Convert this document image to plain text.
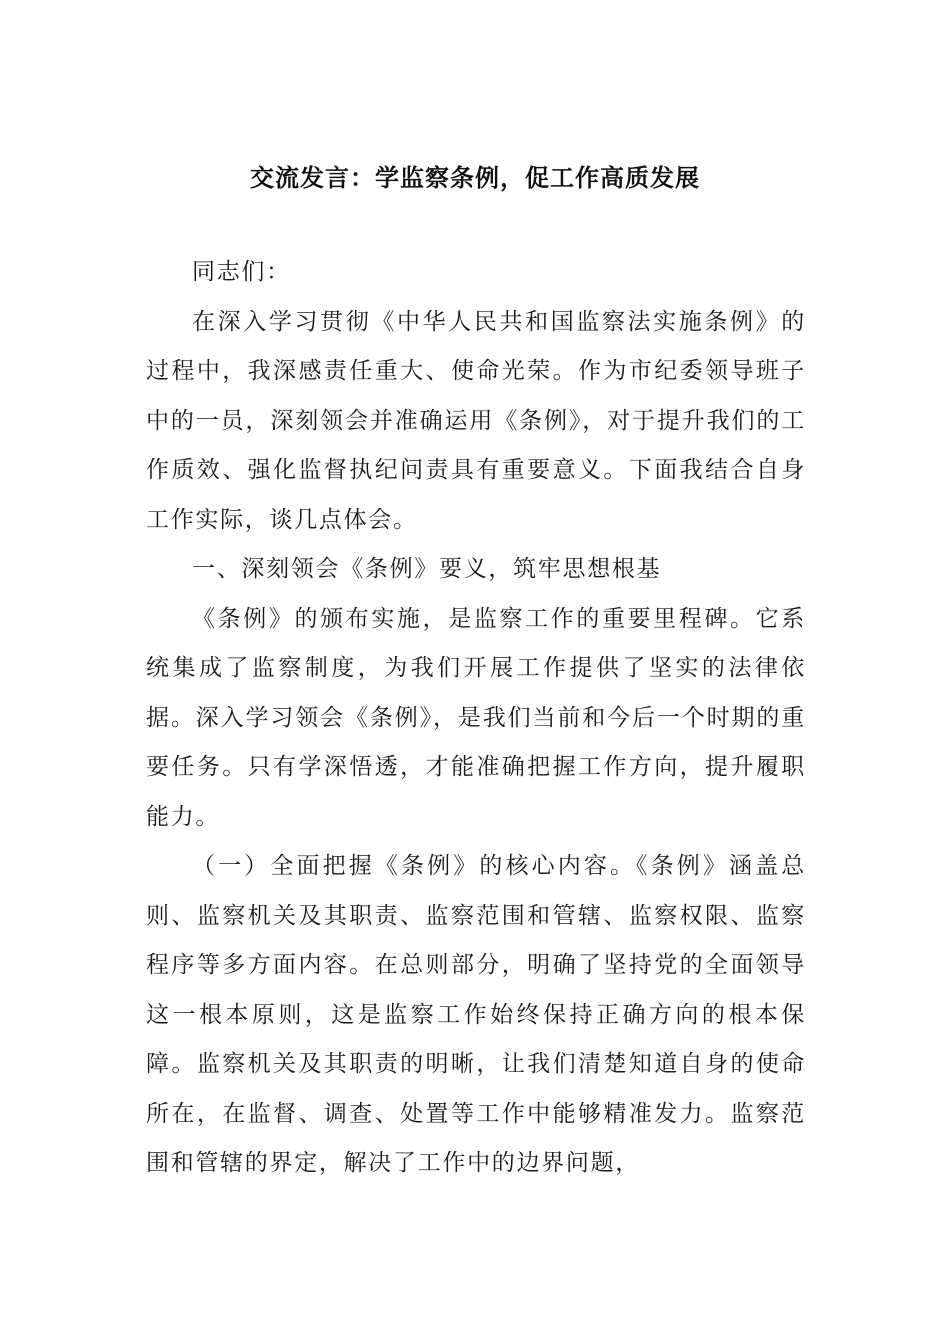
交流发言：学监察条例，促工作高质发展

同志们：

在深入学习贯彻《中华人民共和国监察法实施条例》的过程中，我深感责任重大、使命光荣。作为市纪委领导班子中的一员，深刻领会并准确运用《条例》，对于提升我们的工作质效、强化监督执纪问责具有重要意义。下面我结合自身工作实际，谈几点体会。

一、深刻领会《条例》要义，筑牢思想根基

《条例》的颁布实施，是监察工作的重要里程碑。它系统集成了监察制度，为我们开展工作提供了坚实的法律依据。深入学习领会《条例》，是我们当前和今后一个时期的重要任务。只有学深悟透，才能准确把握工作方向，提升履职能力。

（一）全面把握《条例》的核心内容。《条例》涵盖总则、监察机关及其职责、监察范围和管辖、监察权限、监察程序等多方面内容。在总则部分，明确了坚持党的全面领导这一根本原则，这是监察工作始终保持正确方向的根本保障。监察机关及其职责的明晰，让我们清楚知道自身的使命所在，在监督、调查、处置等工作中能够精准发力。监察范围和管辖的界定，解决了工作中的边界问题，
